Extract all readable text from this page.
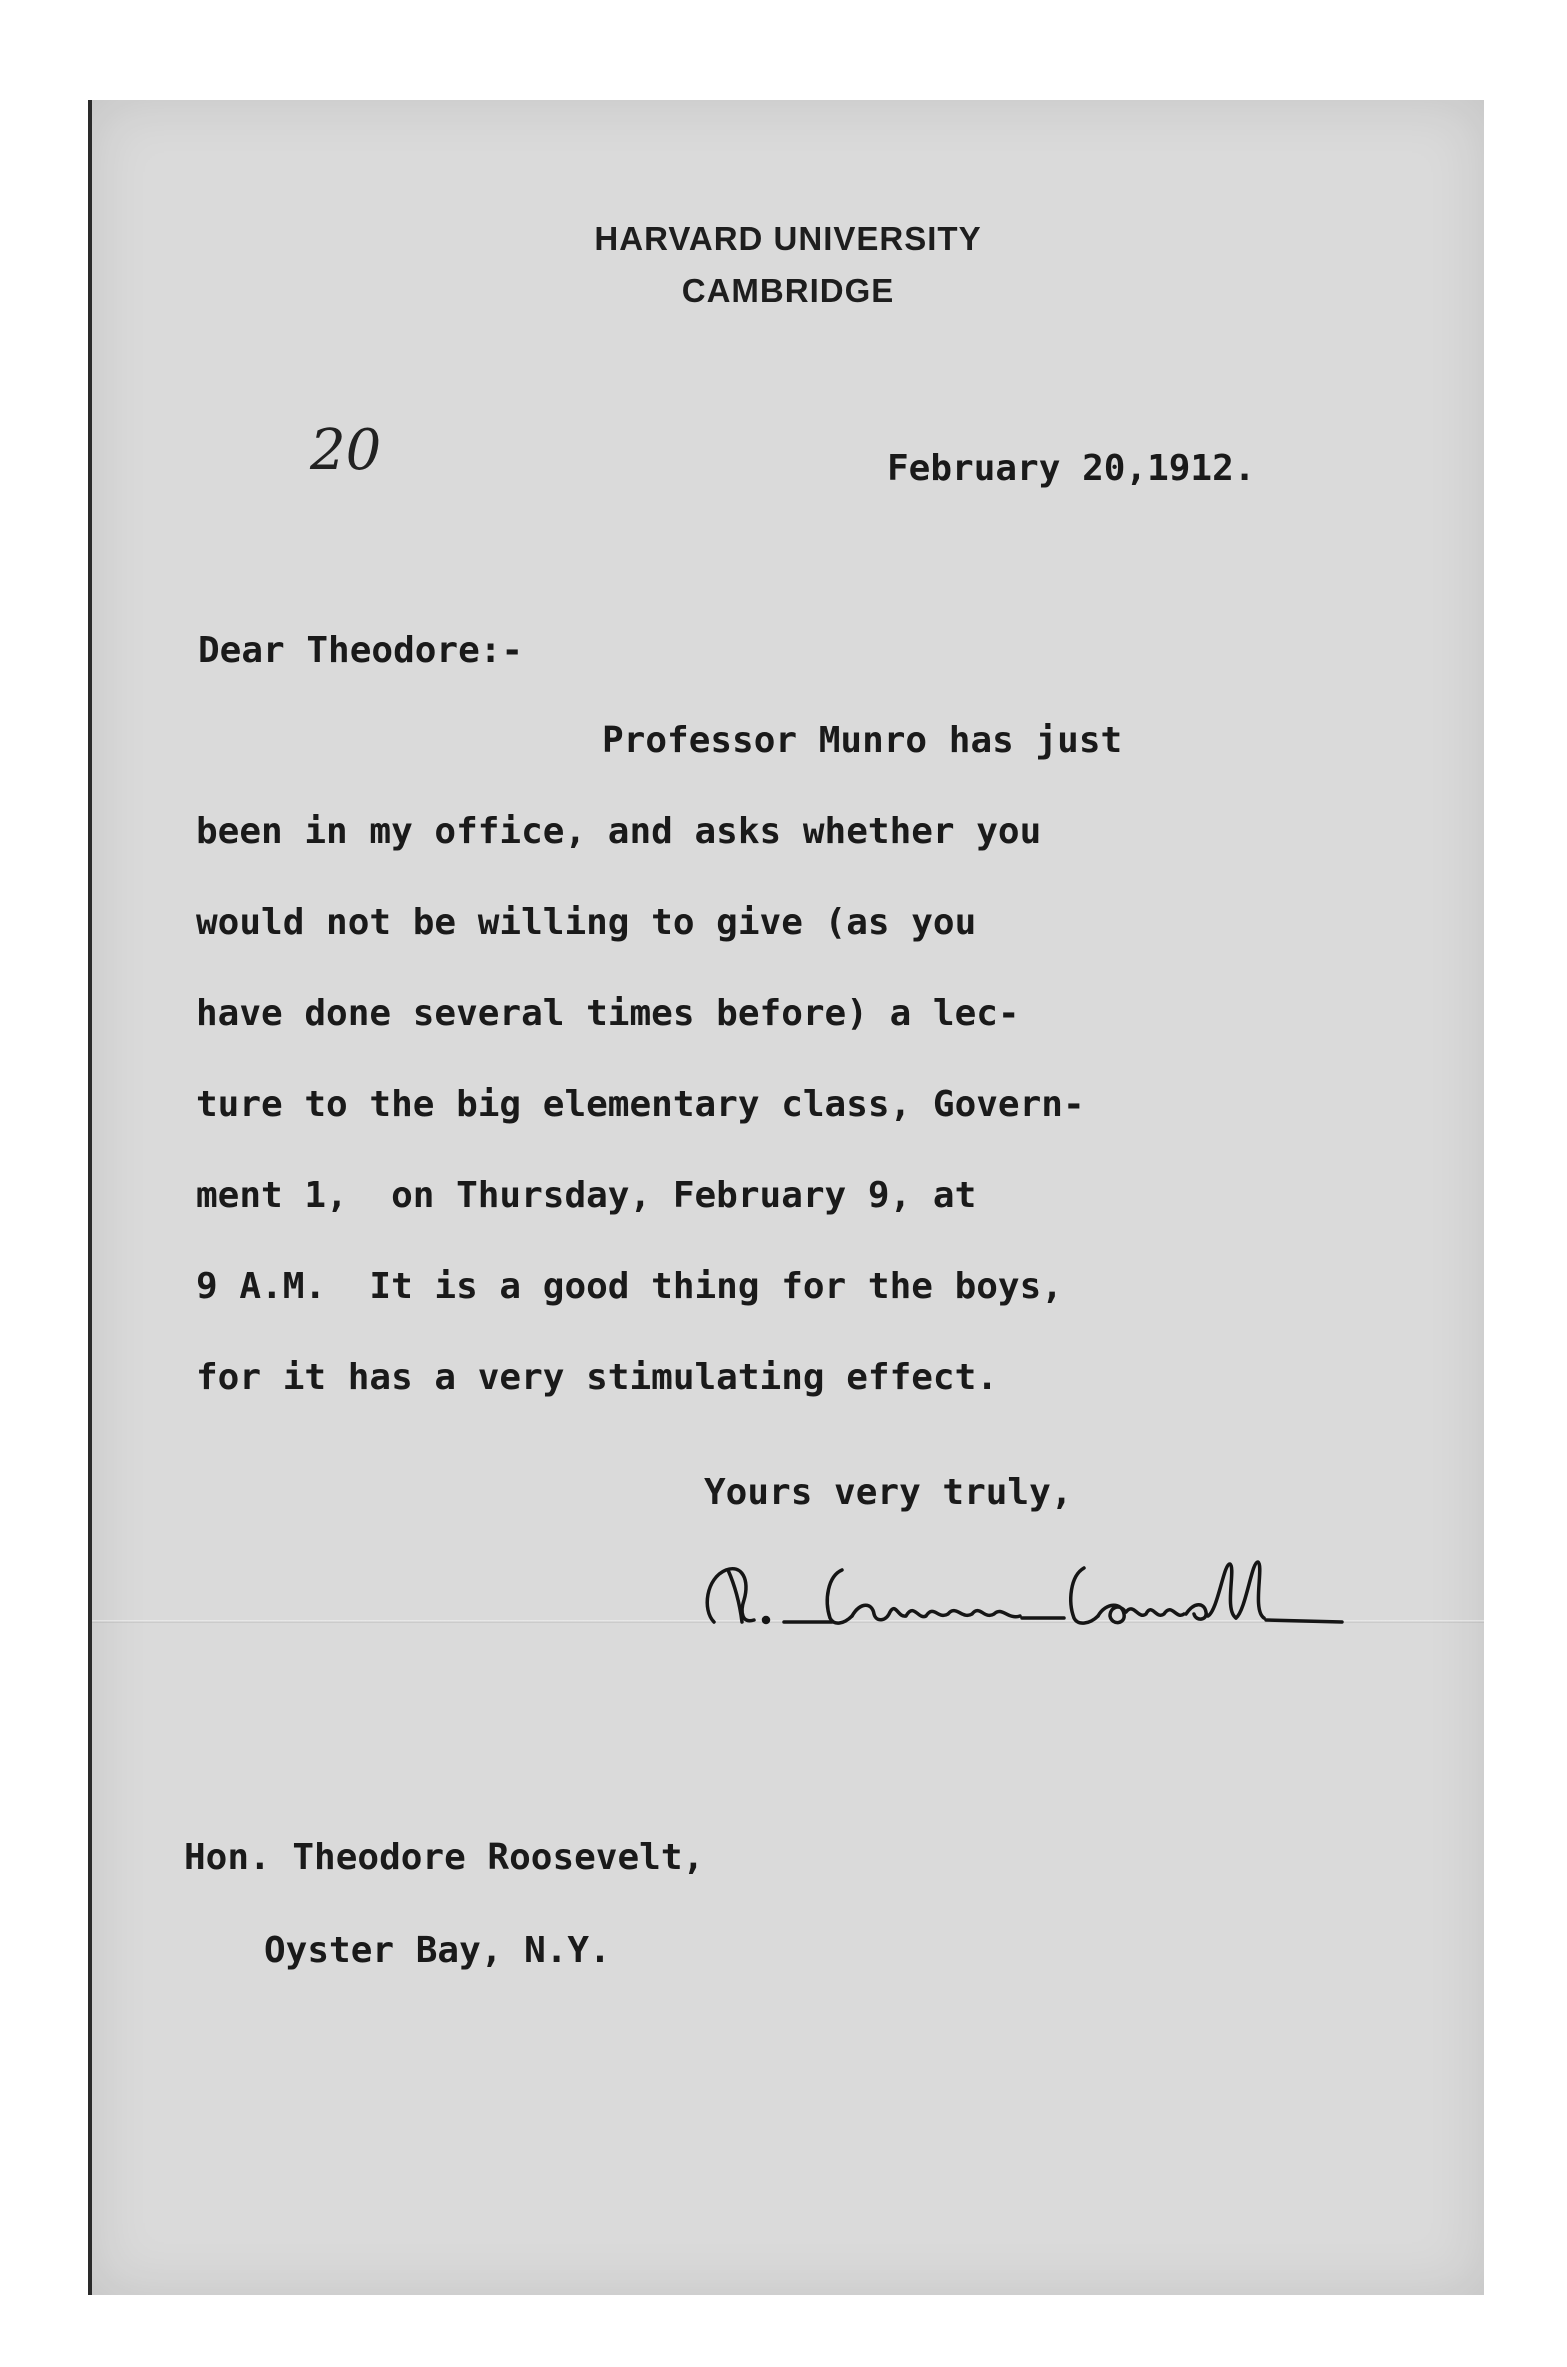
HARVARD UNIVERSITY
CAMBRIDGE
20	February 20,1912.
Dear Theodore:-
Professor Munro has just
been in my office, and asks whether you
would not be willing to give (as you
have done several times before) a lec-
ture to the big elementary class, Govern-
ment 1,  on Thursday, February 9, at
9 A.M.  It is a good thing for the boys,
for it has a very stimulating effect.
Yours very truly,
Hon. Theodore Roosevelt,
Oyster Bay, N.Y.
